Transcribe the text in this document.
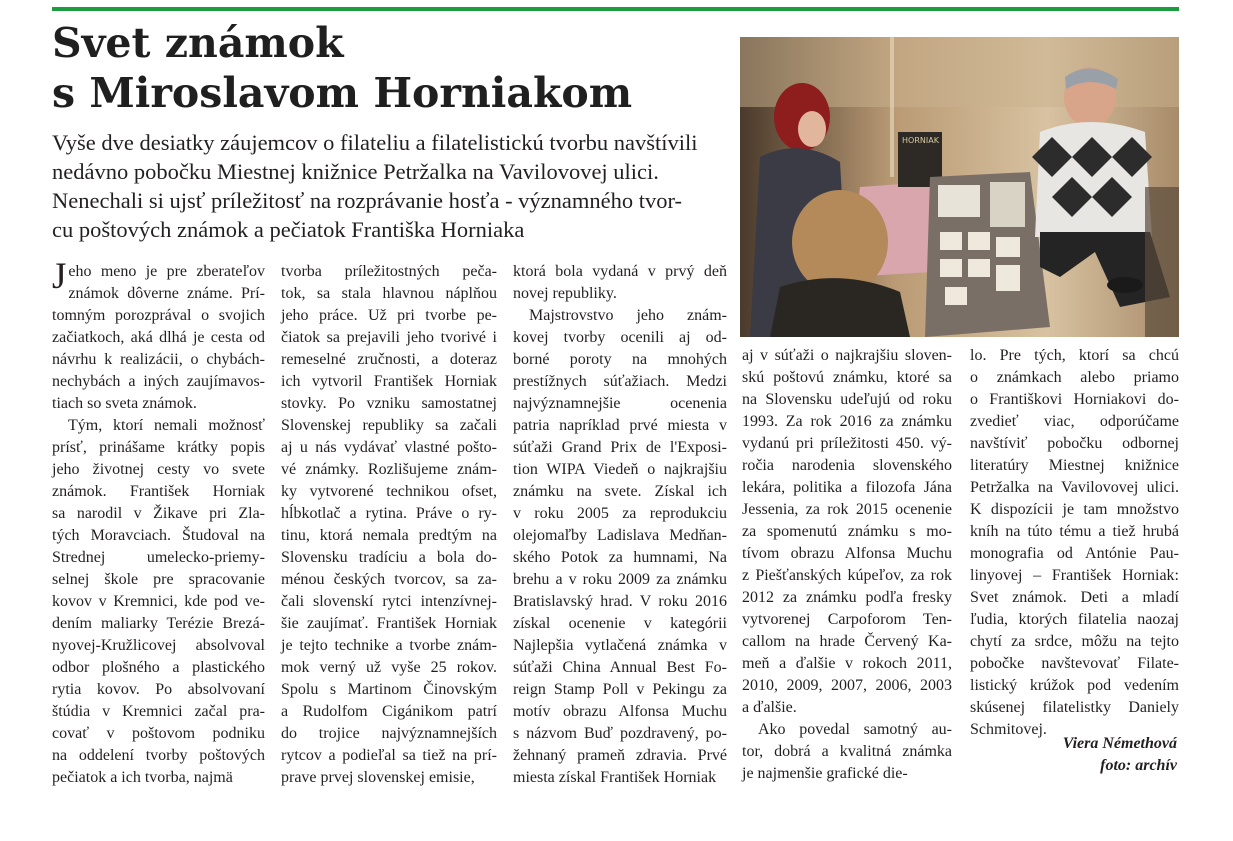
Svet známok
s Miroslavom Horniakom
Vyše dve desiatky záujemcov o filateliu a filatelistickú tvorbu navštívili
nedávno pobočku Miestnej knižnice Petržalka na Vavilovovej ulici.
Nenechali si ujsť príležitosť na rozprávanie hosťa - významného tvor-
cu poštových známok a pečiatok Františka Horniaka
HORNIAK
J eho meno je pre zberateľov
známok dôverne známe. Prí-
tomným porozprával o svojich
začiatkoch, aká dlhá je cesta od
návrhu k realizácii, o chybách-
nechybách a iných zaujímavos-
tiach so sveta známok.
Tým, ktorí nemali možnosť
prísť, prinášame krátky popis
jeho životnej cesty vo svete
známok. František Horniak
sa narodil v Žikave pri Zla-
tých Moravciach. Študoval na
Strednej umelecko-priemy-
selnej škole pre spracovanie
kovov v Kremnici, kde pod ve-
dením maliarky Terézie Brezá-
nyovej-Kružlicovej absolvoval
odbor plošného a plastického
rytia kovov. Po absolvovaní
štúdia v Kremnici začal pra-
covať v poštovom podniku
na oddelení tvorby poštových
pečiatok a ich tvorba, najmä
tvorba príležitostných peča-
tok, sa stala hlavnou náplňou
jeho práce. Už pri tvorbe pe-
čiatok sa prejavili jeho tvorivé i
remeselné zručnosti, a doteraz
ich vytvoril František Horniak
stovky. Po vzniku samostatnej
Slovenskej republiky sa začali
aj u nás vydávať vlastné pošto-
vé známky. Rozlišujeme znám-
ky vytvorené technikou ofset,
hĺbkotlač a rytina. Práve o ry-
tinu, ktorá nemala predtým na
Slovensku tradíciu a bola do-
ménou českých tvorcov, sa za-
čali slovenskí rytci intenzívnej-
šie zaujímať. František Horniak
je tejto technike a tvorbe znám-
mok verný už vyše 25 rokov.
Spolu s Martinom Činovským
a Rudolfom Cigánikom patrí
do trojice najvýznamnejších
rytcov a podieľal sa tiež na prí-
prave prvej slovenskej emisie,
ktorá bola vydaná v prvý deň
novej republiky.
Majstrovstvo jeho znám-
kovej tvorby ocenili aj od-
borné poroty na mnohých
prestížnych súťažiach. Medzi
najvýznamnejšie ocenenia
patria napríklad prvé miesta v
súťaži Grand Prix de l'Exposi-
tion WIPA Viedeň o najkrajšiu
známku na svete. Získal ich
v roku 2005 za reprodukciu
olejomaľby Ladislava Medňan-
ského Potok za humnami, Na
brehu a v roku 2009 za známku
Bratislavský hrad. V roku 2016
získal ocenenie v kategórii
Najlepšia vytlačená známka v
súťaži China Annual Best Fo-
reign Stamp Poll v Pekingu za
motív obrazu Alfonsa Muchu
s názvom Buď pozdravený, po-
žehnaný prameň zdravia. Prvé
miesta získal František Horniak
aj v súťaži o najkrajšiu sloven-
skú poštovú známku, ktoré sa
na Slovensku udeľujú od roku
1993. Za rok 2016 za známku
vydanú pri príležitosti 450. vý-
ročia narodenia slovenského
lekára, politika a filozofa Jána
Jessenia, za rok 2015 ocenenie
za spomenutú známku s mo-
tívom obrazu Alfonsa Muchu
z Piešťanských kúpeľov, za rok
2012 za známku podľa fresky
vytvorenej Carpoforom Ten-
callom na hrade Červený Ka-
meň a ďalšie v rokoch 2011,
2010, 2009, 2007, 2006, 2003
a ďalšie.
Ako povedal samotný au-
tor, dobrá a kvalitná známka
je najmenšie grafické die-
lo. Pre tých, ktorí sa chcú
o známkach alebo priamo
o Františkovi Horniakovi do-
zvedieť viac, odporúčame
navštíviť pobočku odbornej
literatúry Miestnej knižnice
Petržalka na Vavilovovej ulici.
K dispozícii je tam množstvo
kníh na túto tému a tiež hrubá
monografia od Antónie Pau-
linyovej – František Horniak:
Svet známok. Deti a mladí
ľudia, ktorých filatelia naozaj
chytí za srdce, môžu na tejto
pobočke navštevovať Filate-
listický krúžok pod vedením
skúsenej filatelistky Daniely
Schmitovej.
Viera Némethová
foto: archív
